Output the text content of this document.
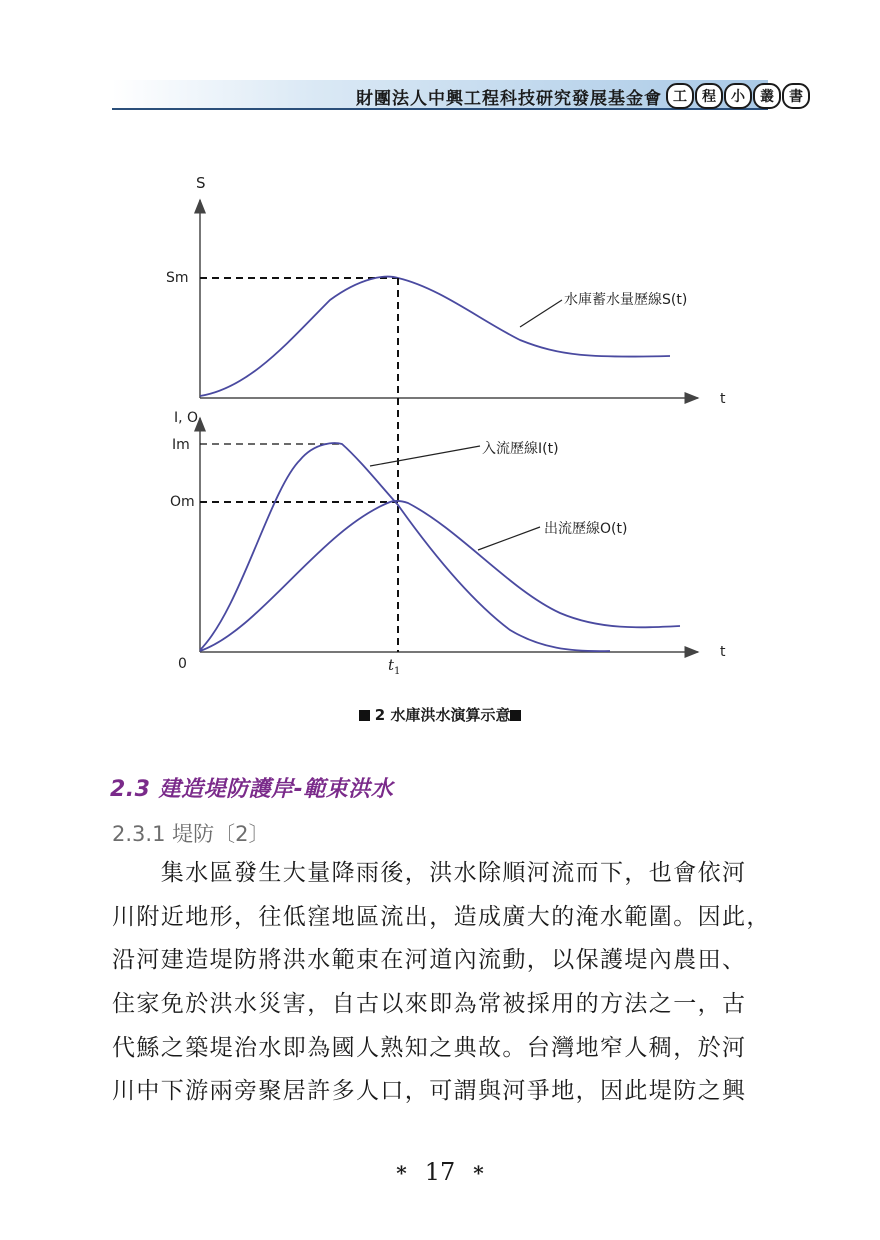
財團法人中興工程科技研究發展基金會 工	程	小	叢	書
S
t
Sm
水庫蓄水量歷線S(t)
I, O
t
0
Im
Om
$t_1$
入流歷線I(t)
出流歷線O(t)
2 水庫洪水演算示意
2.3 建造堤防護岸-範束洪水
2.3.1 堤防〔2〕
　　集水區發生大量降雨後，洪水除順河流而下，也會依河
川附近地形，往低窪地區流出，造成廣大的淹水範圍。因此，
沿河建造堤防將洪水範束在河道內流動，以保護堤內農田、
住家免於洪水災害，自古以來即為常被採用的方法之一，古
代鯀之築堤治水即為國人熟知之典故。台灣地窄人稠，於河
川中下游兩旁聚居許多人口，可謂與河爭地，因此堤防之興
* 17 *
